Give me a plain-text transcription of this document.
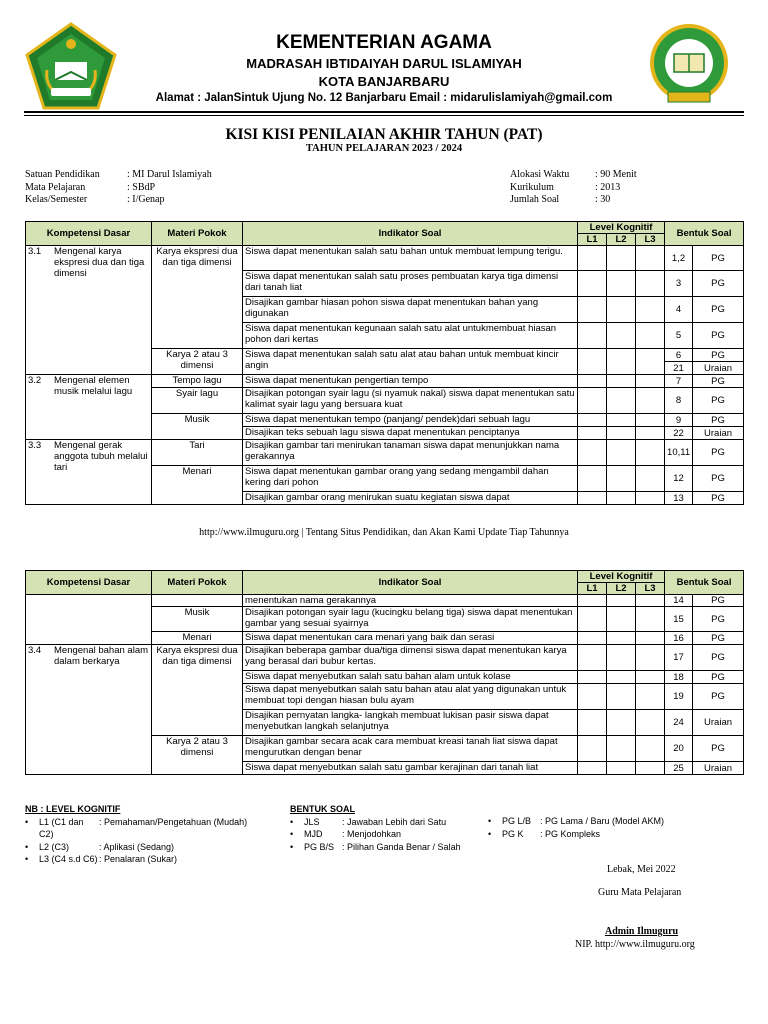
KEMENTERIAN AGAMA
MADRASAH IBTIDAIYAH DARUL ISLAMIYAH
KOTA BANJARBARU
Alamat : JalanSintuk Ujung No. 12 Banjarbaru Email : midarulislamiyah@gmail.com
KISI KISI PENILAIAN AKHIR TAHUN (PAT)
TAHUN PELAJARAN 2023 / 2024
Satuan Pendidikan	: MI Darul Islamiyah
Mata Pelajaran	: SBdP
Kelas/Semester	: I/Genap
Alokasi Waktu	: 90 Menit
Kurikulum	: 2013
Jumlah Soal	: 30
Kompetensi Dasar	Materi Pokok	Indikator Soal	Level Kognitif			Bentuk Soal	
			L1	L2	L3		

3.1 Mengenal karya ekspresi dua dan tiga dimensi	Karya ekspresi dua dan tiga dimensi	Siswa dapat menentukan salah satu bahan untuk membuat lempung terigu.				1,2	PG
		Siswa dapat menentukan salah satu proses pembuatan karya tiga dimensi dari tanah liat				3	PG
		Disajikan gambar hiasan pohon siswa dapat menentukan bahan yang digunakan				4	PG
		Siswa dapat menentukan kegunaan salah satu alat untukmembuat hiasan pohon dari kertas				5	PG
	Karya 2 atau 3 dimensi	Siswa dapat menentukan salah satu alat atau bahan untuk membuat kincir angin				6	PG
						21	Uraian

3.2 Mengenal elemen musik melalui lagu	Tempo lagu	Siswa dapat menentukan pengertian tempo				7	PG
	Syair lagu	Disajikan potongan syair lagu (si nyamuk nakal) siswa dapat menentukan satu kalimat syair lagu yang bersuara kuat				8	PG
	Musik	Siswa dapat menentukan tempo (panjang/ pendek)dari sebuah lagu				9	PG
		Disajikan teks sebuah lagu siswa dapat menentukan penciptanya				22	Uraian

3.3 Mengenal gerak anggota tubuh melalui tari	Tari	Disajikan gambar tari menirukan tanaman siswa dapat menunjukkan nama gerakannya				10,11	PG
	Menari	Siswa dapat menentukan gambar orang yang sedang mengambil dahan kering dari pohon				12	PG
		Disajikan gambar orang menirukan suatu kegiatan siswa dapat				13	PG
http://www.ilmuguru.org | Tentang Situs Pendidikan, dan Akan Kami Update Tiap Tahunnya
Kompetensi Dasar	Materi Pokok	Indikator Soal	Level Kognitif			Bentuk Soal	
			L1	L2	L3		
		menentukan nama gerakannya				14	PG
	Musik	Disajikan potongan syair lagu (kucingku belang tiga) siswa dapat menentukan gambar yang sesuai syairnya				15	PG
	Menari	Siswa dapat menentukan cara menari yang baik dan serasi				16	PG

3.4 Mengenal bahan alam dalam berkarya	Karya ekspresi dua dan tiga dimensi	Disajikan beberapa gambar dua/tiga dimensi siswa dapat menentukan karya yang berasal dari bubur kertas.				17	PG
		Siswa dapat menyebutkan salah satu bahan alam untuk kolase				18	PG
		Siswa dapat menyebutkan salah satu bahan atau alat yang digunakan untuk membuat topi dengan hiasan bulu ayam				19	PG
		Disajikan pernyatan langka- langkah membuat lukisan pasir siswa dapat menyebutkan langkah selanjutnya				24	Uraian
	Karya 2 atau 3 dimensi	Disajikan gambar secara acak cara membuat kreasi tanah liat siswa dapat mengurutkan dengan benar				20	PG
		Siswa dapat menyebutkan salah satu gambar kerajinan dari tanah liat				25	Uraian
NB : LEVEL KOGNITIF
•	L1 (C1 dan C2)
: Pemahaman/Pengetahuan (Mudah)
•	L2 (C3)	: Aplikasi (Sedang)
•	L3 (C4 s.d C6) : Penalaran (Sukar)
BENTUK SOAL
•	JLS	: Jawaban Lebih dari Satu
•	MJD	: Menjodohkan
•	PG B/S : Pilihan Ganda Benar / Salah
•	PG L/B : PG Lama / Baru (Model AKM)
•	PG K	: PG Kompleks
Lebak, Mei 2022
Guru Mata Pelajaran
Admin Ilmuguru
NIP. http://www.ilmuguru.org
